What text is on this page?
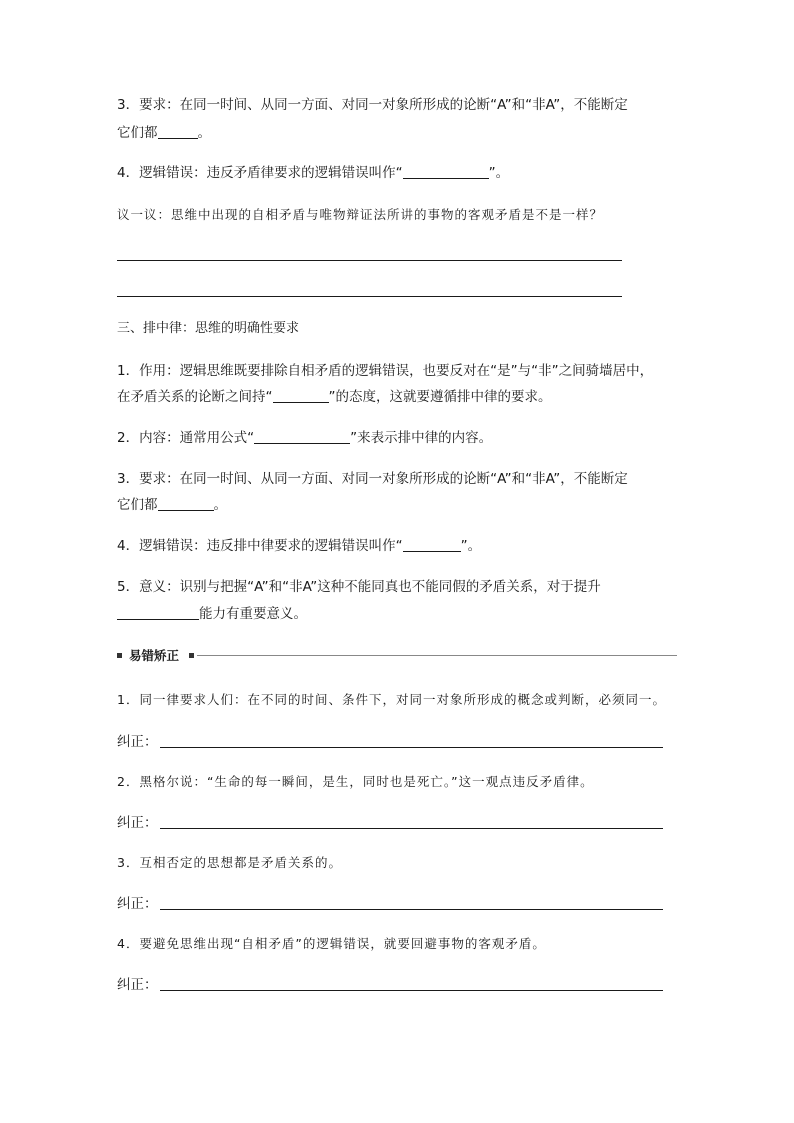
3．要求：在同一时间、从同一方面、对同一对象所形成的论断“A”和“非A”，不能断定
它们都	。
4．逻辑错误：违反矛盾律要求的逻辑错误叫作“	”。
议一议：思维中出现的自相矛盾与唯物辩证法所讲的事物的客观矛盾是不是一样？
三、排中律：思维的明确性要求
1．作用：逻辑思维既要排除自相矛盾的逻辑错误，也要反对在“是”与“非”之间骑墙居中，
在矛盾关系的论断之间持“	”的态度，这就要遵循排中律的要求。
2．内容：通常用公式“	”来表示排中律的内容。
3．要求：在同一时间、从同一方面、对同一对象所形成的论断“A”和“非A”，不能断定
它们都	。
4．逻辑错误：违反排中律要求的逻辑错误叫作“	”。
5．意义：识别与把握“A”和“非A”这种不能同真也不能同假的矛盾关系，对于提升
能力有重要意义。
易错矫正
1．同一律要求人们：在不同的时间、条件下，对同一对象所形成的概念或判断，必须同一。
纠正：
2．黑格尔说：“生命的每一瞬间，是生，同时也是死亡。”这一观点违反矛盾律。
纠正：
3．互相否定的思想都是矛盾关系的。
纠正：
4．要避免思维出现“自相矛盾”的逻辑错误，就要回避事物的客观矛盾。
纠正：
